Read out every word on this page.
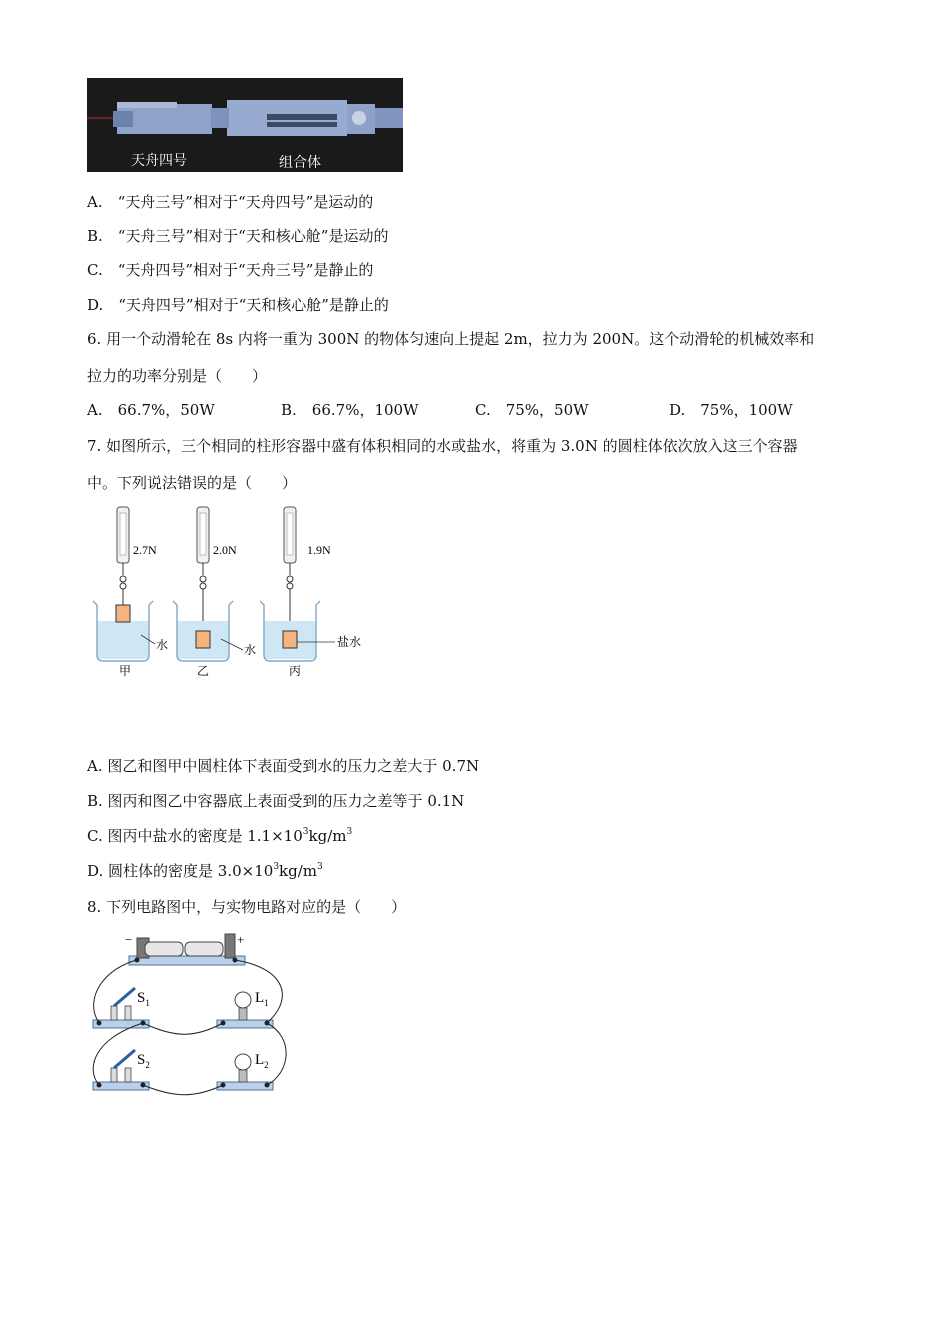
天舟四号	组合体
A.　“天舟三号”相对于“天舟四号”是运动的
B.　“天舟三号”相对于“天和核心舱”是运动的
C.　“天舟四号”相对于“天舟三号”是静止的
D.　“天舟四号”相对于“天和核心舱”是静止的
6. 用一个动滑轮在 8s 内将一重为 300N 的物体匀速向上提起 2m，拉力为 200N。这个动滑轮的机械效率和
拉力的功率分别是（　　）
A.　66.7%，50W	B.　66.7%，100W	C.　75%，50W	D.　75%，100W
7. 如图所示，三个相同的柱形容器中盛有体积相同的水或盐水，将重为 3.0N 的圆柱体依次放入这三个容器
中。下列说法错误的是（　　）
2.7N
水
甲
2.0N
水
乙
1.9N
盐水
丙
A. 图乙和图甲中圆柱体下表面受到水的压力之差大于 0.7N
B. 图丙和图乙中容器底上表面受到的压力之差等于 0.1N
C. 图丙中盐水的密度是 $1.1\times 10^3kg/m^3$
D. 圆柱体的密度是 $3.0\times 10^3kg/m^3$
8. 下列电路图中，与实物电路对应的是（　　）
−	+
$S_1$	$L_1$
$S_2$	$L_2$
